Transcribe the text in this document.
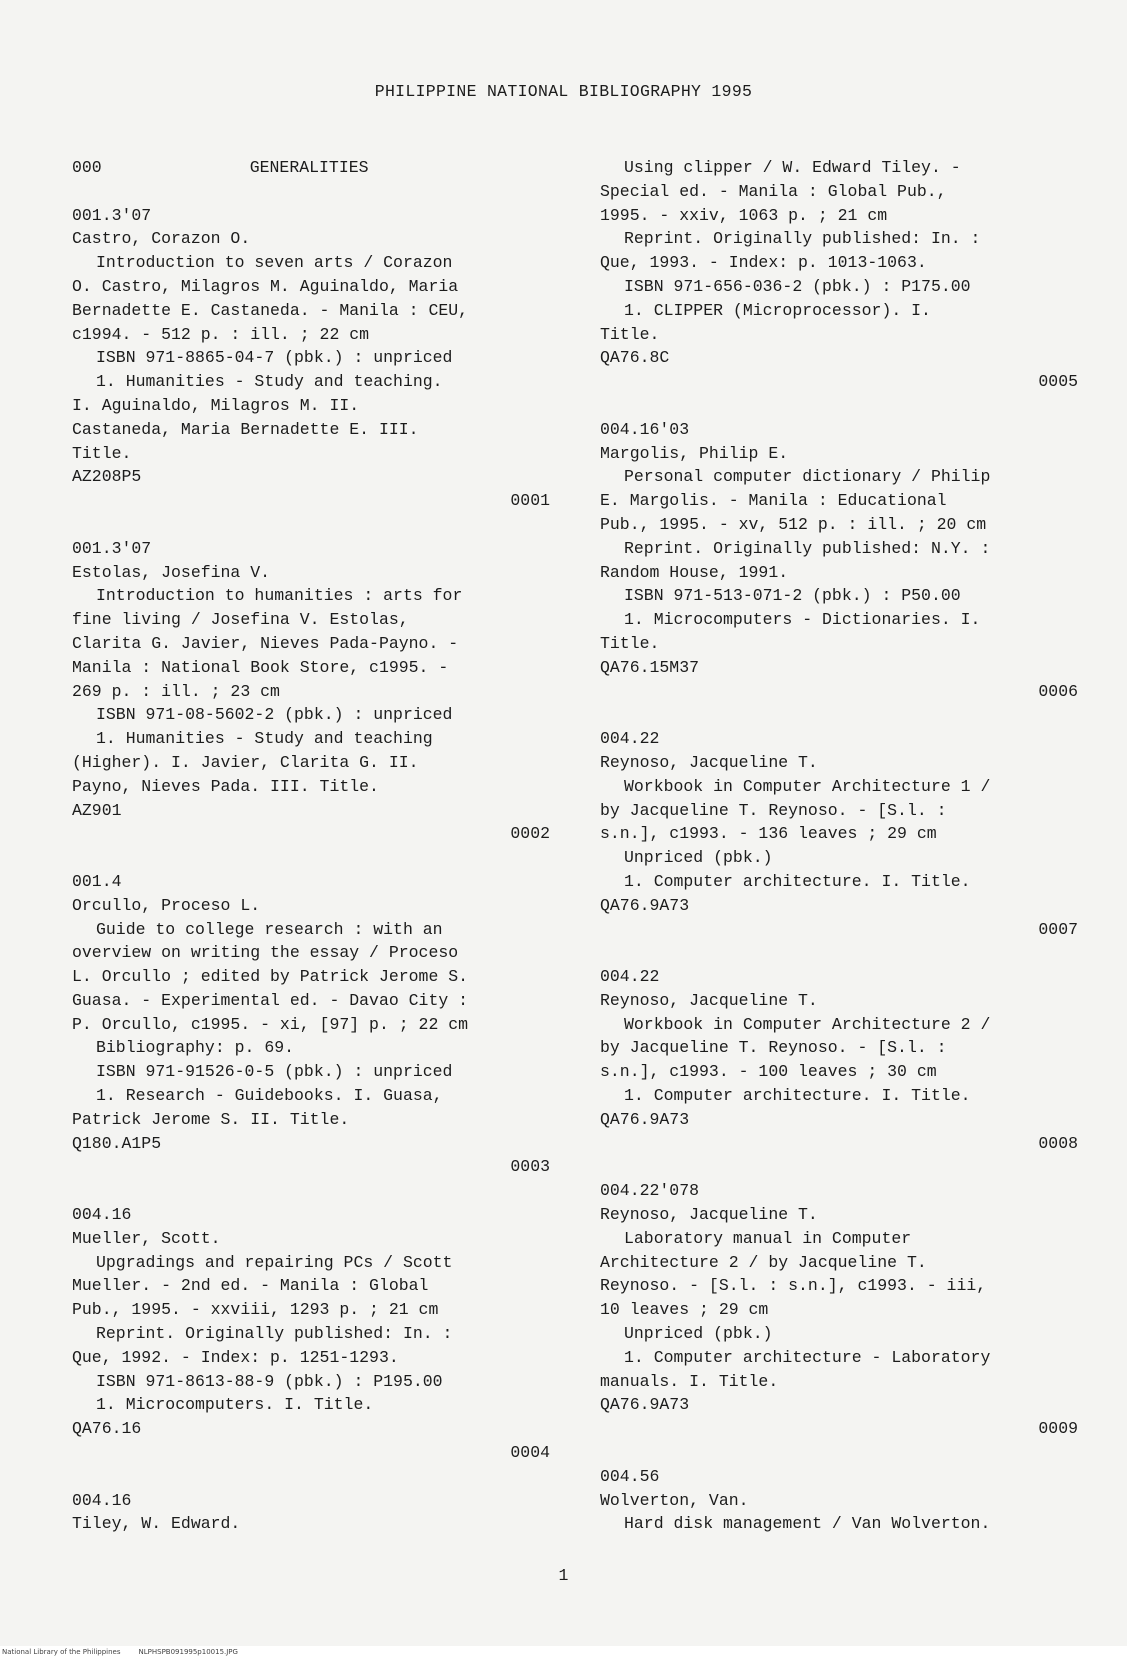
PHILIPPINE NATIONAL BIBLIOGRAPHY 1995
000	GENERALITIES
001.3'07
Castro, Corazon O.
Introduction to seven arts / Corazon
O. Castro, Milagros M. Aguinaldo, Maria
Bernadette E. Castaneda. - Manila : CEU,
c1994. - 512 p. : ill. ; 22 cm
ISBN 971-8865-04-7 (pbk.) : unpriced
1. Humanities - Study and teaching.
I. Aguinaldo, Milagros M. II.
Castaneda, Maria Bernadette E. III.
Title.
AZ208P5
0001
001.3'07
Estolas, Josefina V.
Introduction to humanities : arts for
fine living / Josefina V. Estolas,
Clarita G. Javier, Nieves Pada-Payno. -
Manila : National Book Store, c1995. -
269 p. : ill. ; 23 cm
ISBN 971-08-5602-2 (pbk.) : unpriced
1. Humanities - Study and teaching
(Higher). I. Javier, Clarita G. II.
Payno, Nieves Pada. III. Title.
AZ901
0002
001.4
Orcullo, Proceso L.
Guide to college research : with an
overview on writing the essay / Proceso
L. Orcullo ; edited by Patrick Jerome S.
Guasa. - Experimental ed. - Davao City :
P. Orcullo, c1995. - xi, [97] p. ; 22 cm
Bibliography: p. 69.
ISBN 971-91526-0-5 (pbk.) : unpriced
1. Research - Guidebooks. I. Guasa,
Patrick Jerome S. II. Title.
Q180.A1P5
0003
004.16
Mueller, Scott.
Upgradings and repairing PCs / Scott
Mueller. - 2nd ed. - Manila : Global
Pub., 1995. - xxviii, 1293 p. ; 21 cm
Reprint. Originally published: In. :
Que, 1992. - Index: p. 1251-1293.
ISBN 971-8613-88-9 (pbk.) : P195.00
1. Microcomputers. I. Title.
QA76.16
0004
004.16
Tiley, W. Edward.
Using clipper / W. Edward Tiley. -
Special ed. - Manila : Global Pub.,
1995. - xxiv, 1063 p. ; 21 cm
Reprint. Originally published: In. :
Que, 1993. - Index: p. 1013-1063.
ISBN 971-656-036-2 (pbk.) : P175.00
1. CLIPPER (Microprocessor). I.
Title.
QA76.8C
0005
004.16'03
Margolis, Philip E.
Personal computer dictionary / Philip
E. Margolis. - Manila : Educational
Pub., 1995. - xv, 512 p. : ill. ; 20 cm
Reprint. Originally published: N.Y. :
Random House, 1991.
ISBN 971-513-071-2 (pbk.) : P50.00
1. Microcomputers - Dictionaries. I.
Title.
QA76.15M37
0006
004.22
Reynoso, Jacqueline T.
Workbook in Computer Architecture 1 /
by Jacqueline T. Reynoso. - [S.l. :
s.n.], c1993. - 136 leaves ; 29 cm
Unpriced (pbk.)
1. Computer architecture. I. Title.
QA76.9A73
0007
004.22
Reynoso, Jacqueline T.
Workbook in Computer Architecture 2 /
by Jacqueline T. Reynoso. - [S.l. :
s.n.], c1993. - 100 leaves ; 30 cm
1. Computer architecture. I. Title.
QA76.9A73
0008
004.22'078
Reynoso, Jacqueline T.
Laboratory manual in Computer
Architecture 2 / by Jacqueline T.
Reynoso. - [S.l. : s.n.], c1993. - iii,
10 leaves ; 29 cm
Unpriced (pbk.)
1. Computer architecture - Laboratory
manuals. I. Title.
QA76.9A73
0009
004.56
Wolverton, Van.
Hard disk management / Van Wolverton.
1
National Library of the Philippines	NLPHSPB091995p10015.JPG
